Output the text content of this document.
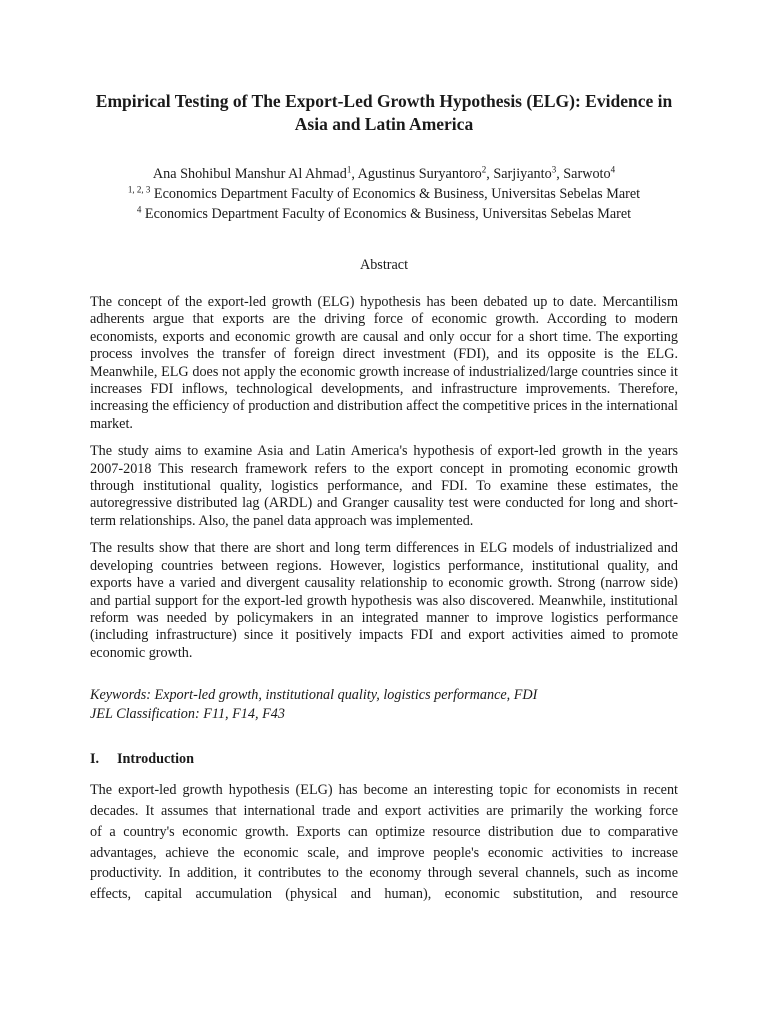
Empirical Testing of The Export-Led Growth Hypothesis (ELG): Evidence in
Asia and Latin America

Ana Shohibul Manshur Al Ahmad$^1$, Agustinus Suryantoro$^2$, Sarjiyanto$^3$, Sarwoto$^4$

$^{1, 2, 3}$ Economics Department Faculty of Economics & Business, Universitas Sebelas Maret

$^4$ Economics Department Faculty of Economics & Business, Universitas Sebelas Maret

Abstract

The concept of the export-led growth (ELG) hypothesis has been debated up to date. Mercantilism adherents argue that exports are the driving force of economic growth. According to modern economists, exports and economic growth are causal and only occur for a short time. The exporting process involves the transfer of foreign direct investment (FDI), and its opposite is the ELG. Meanwhile, ELG does not apply the economic growth increase of industrialized/large countries since it increases FDI inflows, technological developments, and infrastructure improvements. Therefore, increasing the efficiency of production and distribution affect the competitive prices in the international market.

The study aims to examine Asia and Latin America's hypothesis of export-led growth in the years 2007-2018 This research framework refers to the export concept in promoting economic growth through institutional quality, logistics performance, and FDI. To examine these estimates, the autoregressive distributed lag (ARDL) and Granger causality test were conducted for long and short-term relationships. Also, the panel data approach was implemented.

The results show that there are short and long term differences in ELG models of industrialized and developing countries between regions. However, logistics performance, institutional quality, and exports have a varied and divergent causality relationship to economic growth. Strong (narrow side) and partial support for the export-led growth hypothesis was also discovered. Meanwhile, institutional reform was needed by policymakers in an integrated manner to improve logistics performance (including infrastructure) since it positively impacts FDI and export activities aimed to promote economic growth.

Keywords: Export-led growth, institutional quality, logistics performance, FDI
JEL Classification: F11, F14, F43
I. Introduction
The export-led growth hypothesis (ELG) has become an interesting topic for economists in recent
decades. It assumes that international trade and export activities are primarily the working force
of a country's economic growth. Exports can optimize resource distribution due to comparative
advantages, achieve the economic scale, and improve people's economic activities to increase
productivity. In addition, it contributes to the economy through several channels, such as income
effects, capital accumulation (physical and human), economic substitution, and resource
